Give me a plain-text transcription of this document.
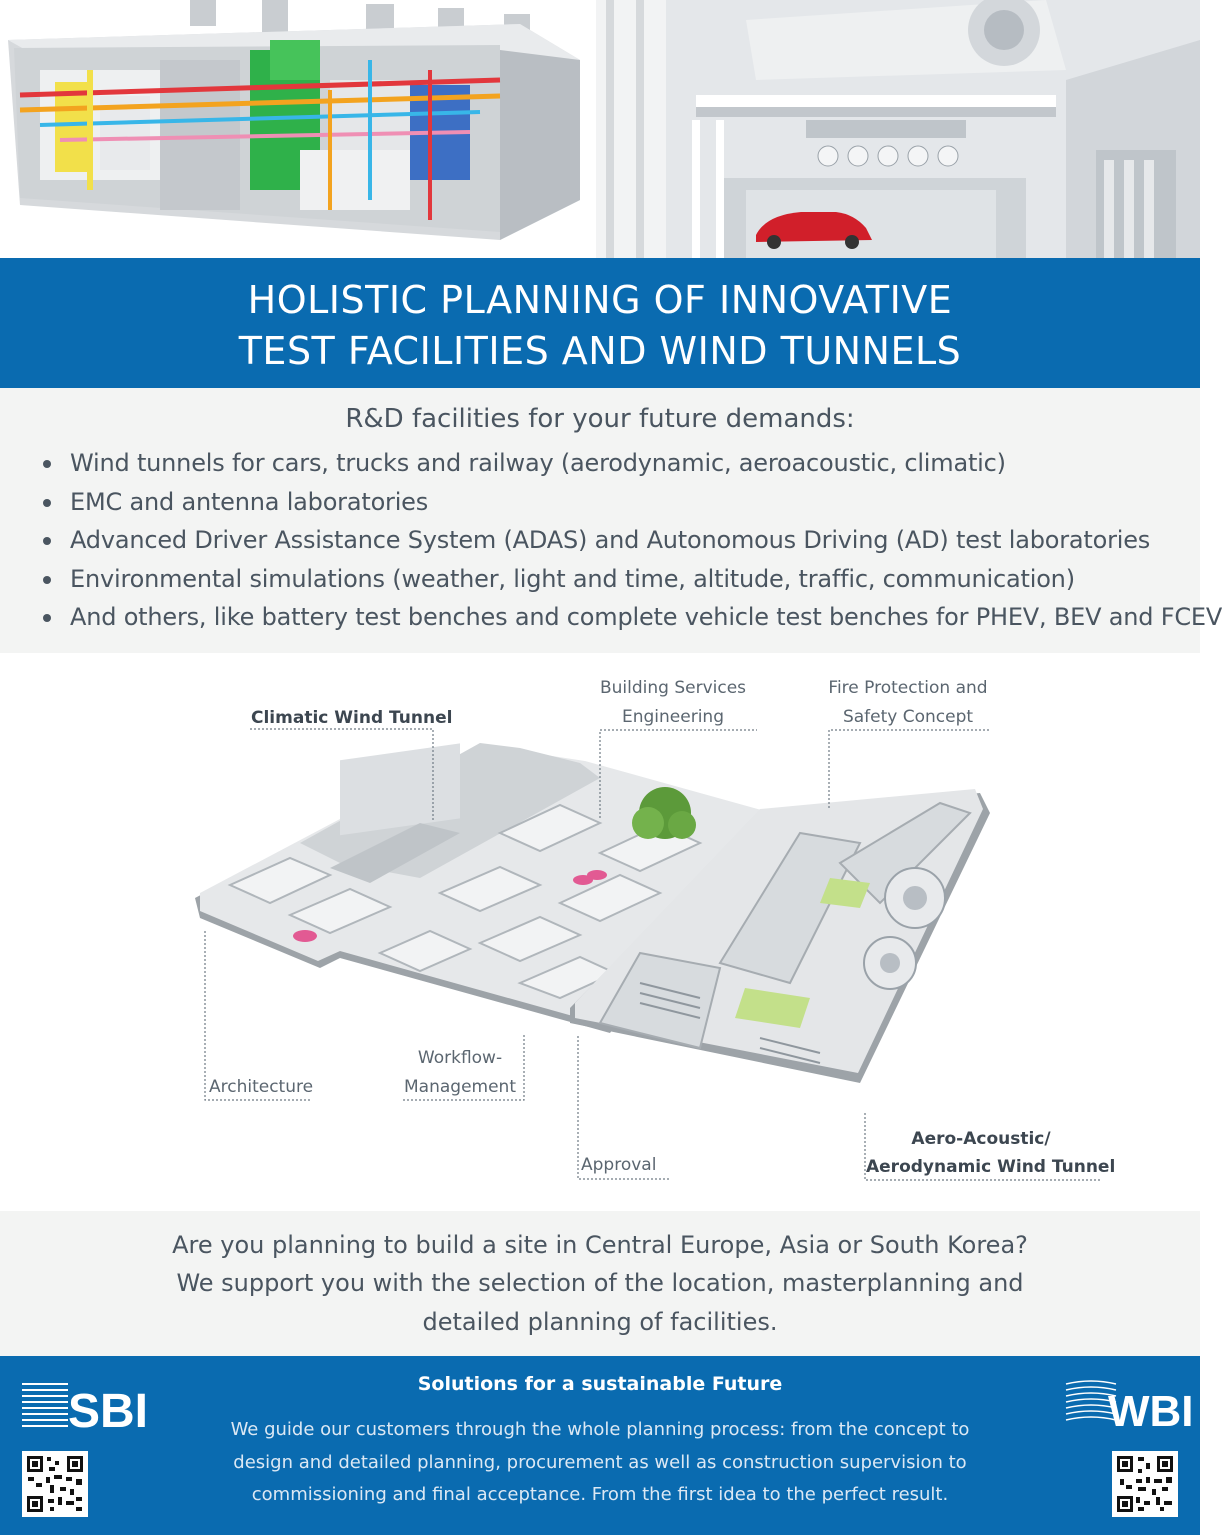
HOLISTIC PLANNING OF INNOVATIVE
TEST FACILITIES AND WIND TUNNELS
R&D facilities for your future demands:
Wind tunnels for cars, trucks and railway (aerodynamic, aeroacoustic, climatic)
EMC and antenna laboratories
Advanced Driver Assistance System (ADAS) and Autonomous Driving (AD) test laboratories
Environmental simulations (weather, light and time, altitude, traffic, communication)
And others, like battery test benches and complete vehicle test benches for PHEV, BEV and FCEV
Climatic Wind Tunnel
Building Services
Engineering
Fire Protection and
Safety Concept
Architecture
Workflow-
Management
Approval
Aero-Acoustic/
Aerodynamic Wind Tunnel
Are you planning to build a site in Central Europe, Asia or South Korea?
We support you with the selection of the location, masterplanning and
detailed planning of facilities.
SBI	WBI
Solutions for a sustainable Future
We guide our customers through the whole planning process: from the concept to
design and detailed planning, procurement as well as construction supervision to
commissioning and final acceptance. From the first idea to the perfect result.
